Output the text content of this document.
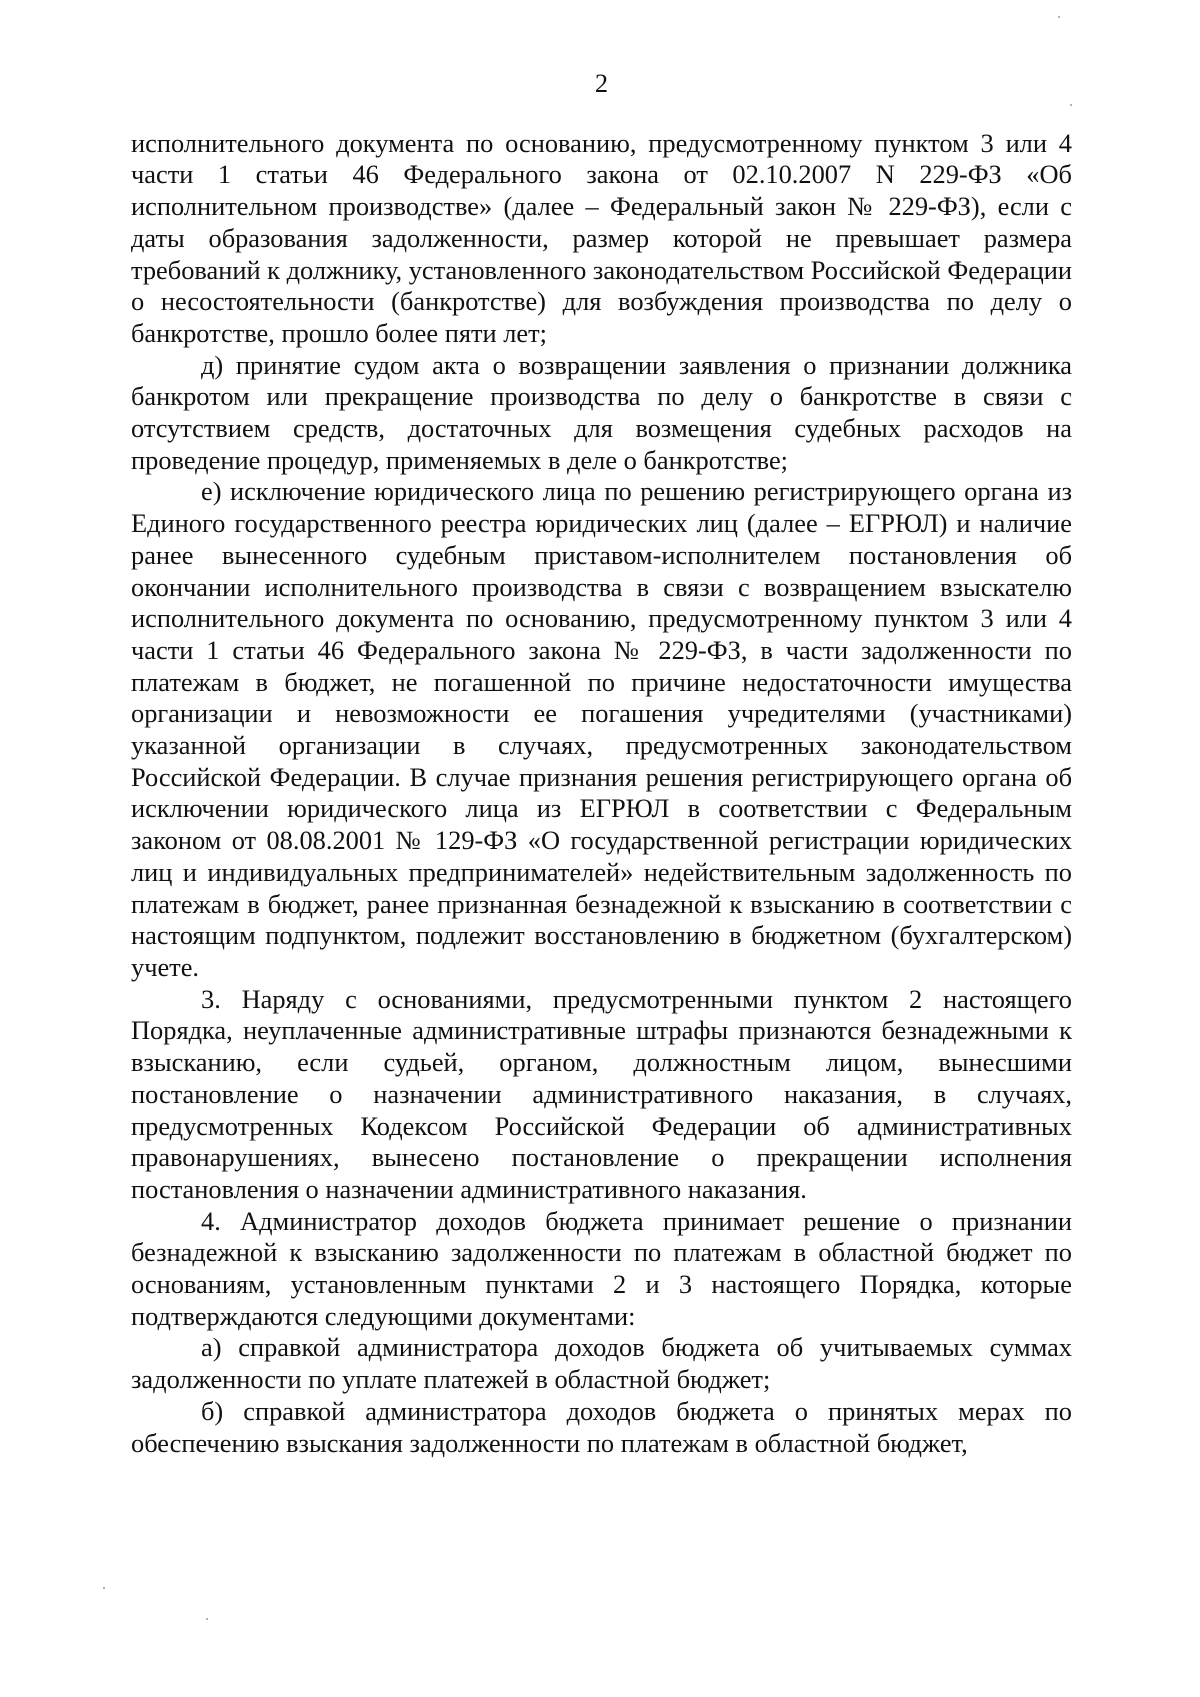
2

исполнительного документа по основанию, предусмотренному пунктом 3 или 4 части 1 статьи 46 Федерального закона от 02.10.2007 N 229-ФЗ «Об исполнительном производстве» (далее – Федеральный закон № 229-ФЗ), если с даты образования задолженности, размер которой не превышает размера требований к должнику, установленного законодательством Российской Федерации о несостоятельности (банкротстве) для возбуждения производства по делу о банкротстве, прошло более пяти лет;

д) принятие судом акта о возвращении заявления о признании должника банкротом или прекращение производства по делу о банкротстве в связи с отсутствием средств, достаточных для возмещения судебных расходов на проведение процедур, применяемых в деле о банкротстве;

е) исключение юридического лица по решению регистрирующего органа из Единого государственного реестра юридических лиц (далее – ЕГРЮЛ) и наличие ранее вынесенного судебным приставом-исполнителем постановления об окончании исполнительного производства в связи с возвращением взыскателю исполнительного документа по основанию, предусмотренному пунктом 3 или 4 части 1 статьи 46 Федерального закона № 229-ФЗ, в части задолженности по платежам в бюджет, не погашенной по причине недостаточности имущества организации и невозможности ее погашения учредителями (участниками) указанной организации в случаях, предусмотренных законодательством Российской Федерации. В случае признания решения регистрирующего органа об исключении юридического лица из ЕГРЮЛ в соответствии с Федеральным законом от 08.08.2001 № 129-ФЗ «О государственной регистрации юридических лиц и индивидуальных предпринимателей» недействительным задолженность по платежам в бюджет, ранее признанная безнадежной к взысканию в соответствии с настоящим подпунктом, подлежит восстановлению в бюджетном (бухгалтерском) учете.

3. Наряду с основаниями, предусмотренными пунктом 2 настоящего Порядка, неуплаченные административные штрафы признаются безнадежными к взысканию, если судьей, органом, должностным лицом, вынесшими постановление о назначении административного наказания, в случаях, предусмотренных Кодексом Российской Федерации об административных правонарушениях, вынесено постановление о прекращении исполнения постановления о назначении административного наказания.

4. Администратор доходов бюджета принимает решение о признании безнадежной к взысканию задолженности по платежам в областной бюджет по основаниям, установленным пунктами 2 и 3 настоящего Порядка, которые подтверждаются следующими документами:

а) справкой администратора доходов бюджета об учитываемых суммах задолженности по уплате платежей в областной бюджет;

б) справкой администратора доходов бюджета о принятых мерах по обеспечению взыскания задолженности по платежам в областной бюджет,
